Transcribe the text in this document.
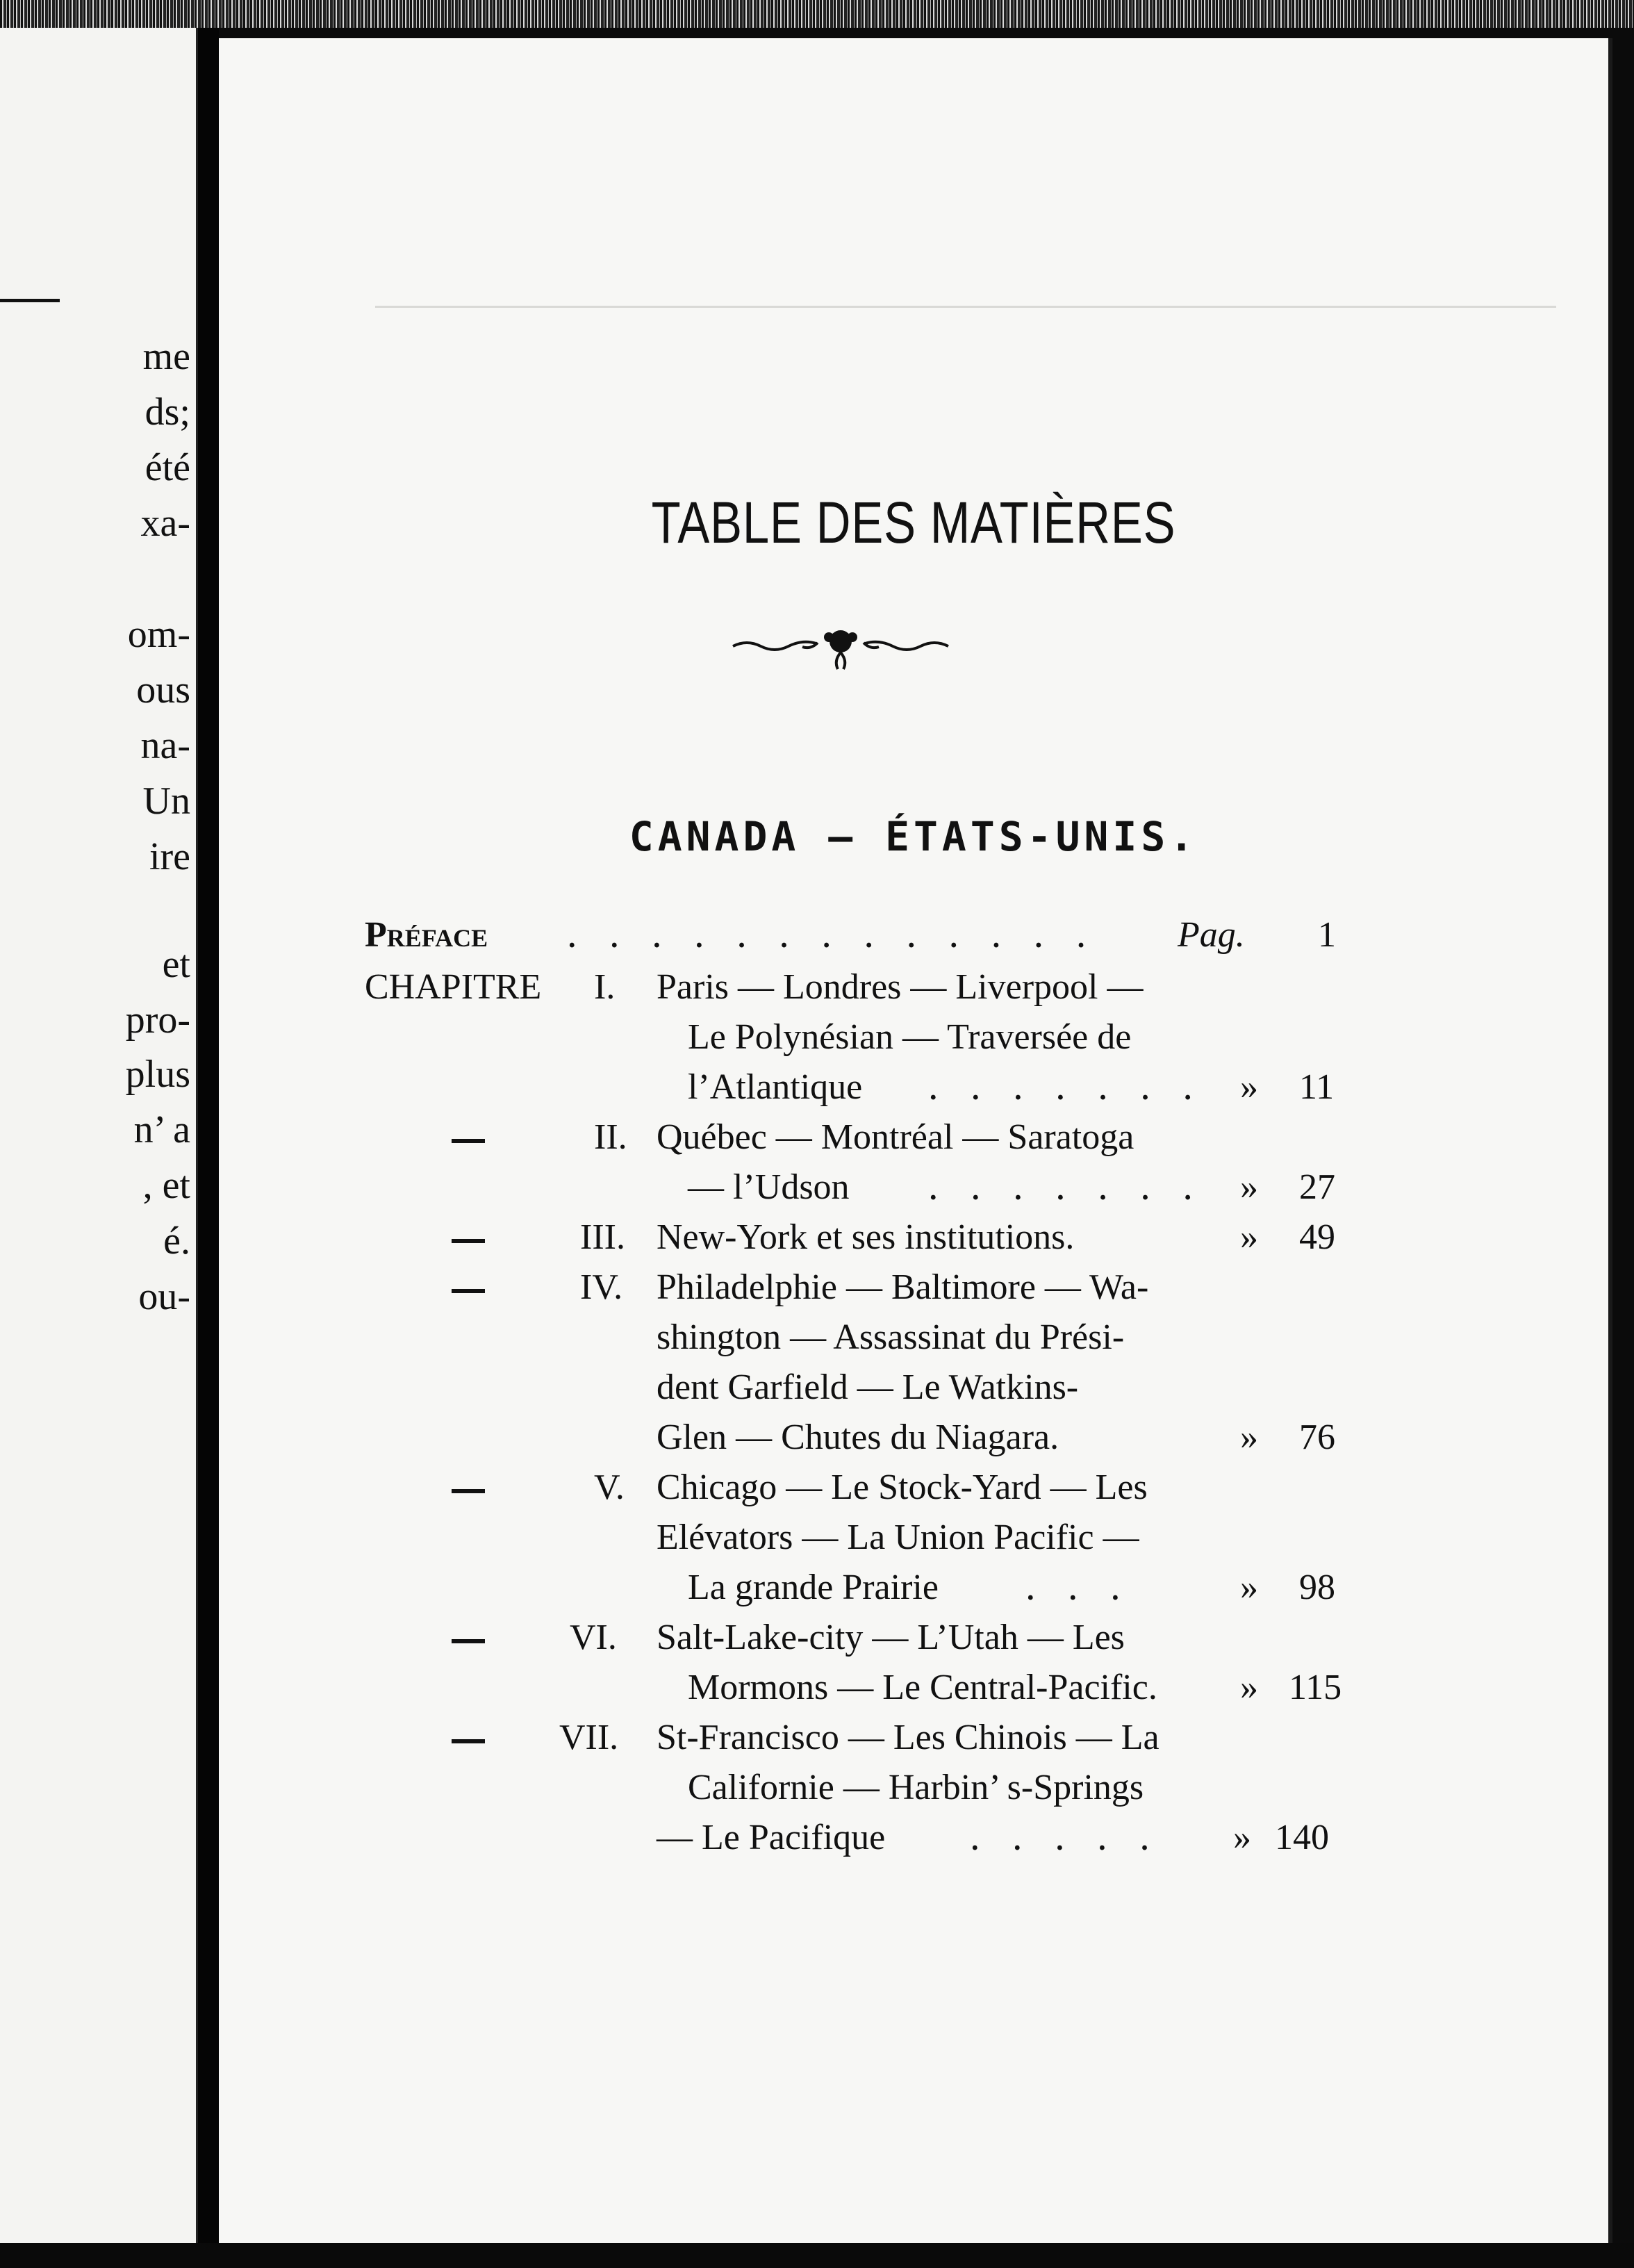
me
ds;
été
xa-
om-
ous
na-
Un
ire
et
pro-
plus
n’ a
, et
é.
ou-
TABLE DES MATIÈRES
CANADA — ÉTATS-UNIS.
Préface . . . . . . . . . . . . . Pag. 1
CHAPITRE I. Paris — Londres — Liverpool —
Le Polynésian — Traversée de
l’Atlantique . . . . . . . » 11
II. Québec — Montréal — Saratoga
— l’Udson . . . . . . . » 27
III. New-York et ses institutions.	» 49
IV. Philadelphie — Baltimore — Wa-
shington — Assassinat du Prési-
dent Garfield — Le Watkins-
Glen — Chutes du Niagara.	» 76
V. Chicago — Le Stock-Yard — Les
Elévators — La Union Pacific —
La grande Prairie . . .	» 98
VI. Salt-Lake-city — L’Utah — Les
Mormons — Le Central-Pacific. » 115
VII. St-Francisco — Les Chinois — La
Californie — Harbin’ s-Springs
— Le Pacifique . . . . . » 140
